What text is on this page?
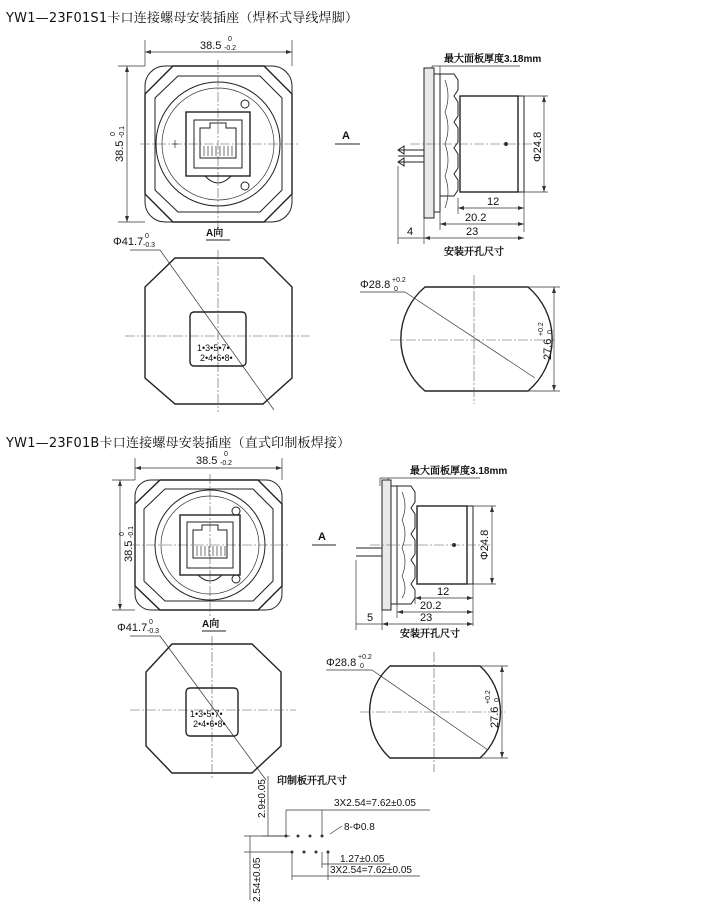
YW1—23F01S1卡口连接螺母安装插座（焊杯式导线焊脚）
YW1—23F01B卡口连接螺母安装插座（直式印制板焊接）
38.5
0
-0.2
38.5
0 -0.1	A
最大面板厚度3.18mm
Φ24.8
12
20.2
23
4
安装开孔尺寸
A向
Φ41.7 0
-0.3
1•3•5•7•
2•4•6•8•
Φ28.8 +0.2
0
27.6
+0.2 0
38.5
0
-0.2
38.5
0 -0.1	A
最大面板厚度3.18mm
Φ24.8
12
20.2
23
5
安装开孔尺寸
A向
Φ41.7 0
-0.3
1•3•5•7•
2•4•6•8•
Φ28.8 +0.2
0
27.6
+0.2 0
印制板开孔尺寸
2.9±0.05	3X2.54=7.62±0.05
8-Φ0.8
1.27±0.05
3X2.54=7.62±0.05
2.54±0.05
